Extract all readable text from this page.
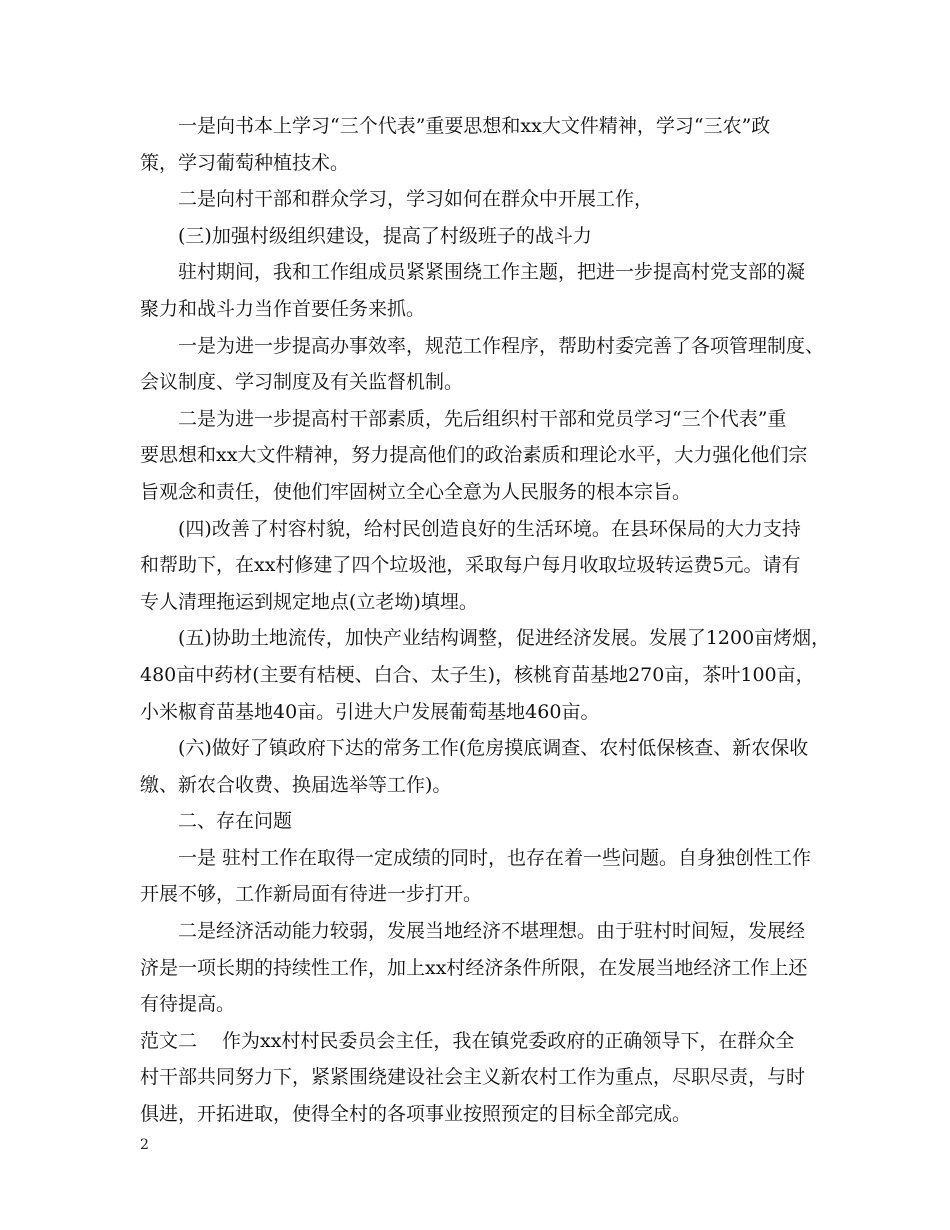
一是向书本上学习“三个代表”重要思想和xx大文件精神，学习“三农”政
策，学习葡萄种植技术。
二是向村干部和群众学习，学习如何在群众中开展工作，
(三)加强村级组织建设，提高了村级班子的战斗力
驻村期间，我和工作组成员紧紧围绕工作主题，把进一步提高村党支部的凝
聚力和战斗力当作首要任务来抓。
一是为进一步提高办事效率，规范工作程序，帮助村委完善了各项管理制度、
会议制度、学习制度及有关监督机制。
二是为进一步提高村干部素质，先后组织村干部和党员学习“三个代表”重
要思想和xx大文件精神，努力提高他们的政治素质和理论水平，大力强化他们宗
旨观念和责任，使他们牢固树立全心全意为人民服务的根本宗旨。
(四)改善了村容村貌，给村民创造良好的生活环境。在县环保局的大力支持
和帮助下，在xx村修建了四个垃圾池，采取每户每月收取垃圾转运费5元。请有
专人清理拖运到规定地点(立老坳)填埋。
(五)协助土地流传，加快产业结构调整，促进经济发展。发展了1200亩烤烟，
480亩中药材(主要有桔梗、白合、太子生)，核桃育苗基地270亩，茶叶100亩，
小米椒育苗基地40亩。引进大户发展葡萄基地460亩。
(六)做好了镇政府下达的常务工作(危房摸底调查、农村低保核查、新农保收
缴、新农合收费、换届选举等工作)。
二、存在问题
一是 驻村工作在取得一定成绩的同时，也存在着一些问题。自身独创性工作
开展不够，工作新局面有待进一步打开。
二是经济活动能力较弱，发展当地经济不堪理想。由于驻村时间短，发展经
济是一项长期的持续性工作，加上xx村经济条件所限，在发展当地经济工作上还
有待提高。
范文二 作为xx村村民委员会主任，我在镇党委政府的正确领导下，在群众全
村干部共同努力下，紧紧围绕建设社会主义新农村工作为重点，尽职尽责，与时
俱进，开拓进取，使得全村的各项事业按照预定的目标全部完成。
2
